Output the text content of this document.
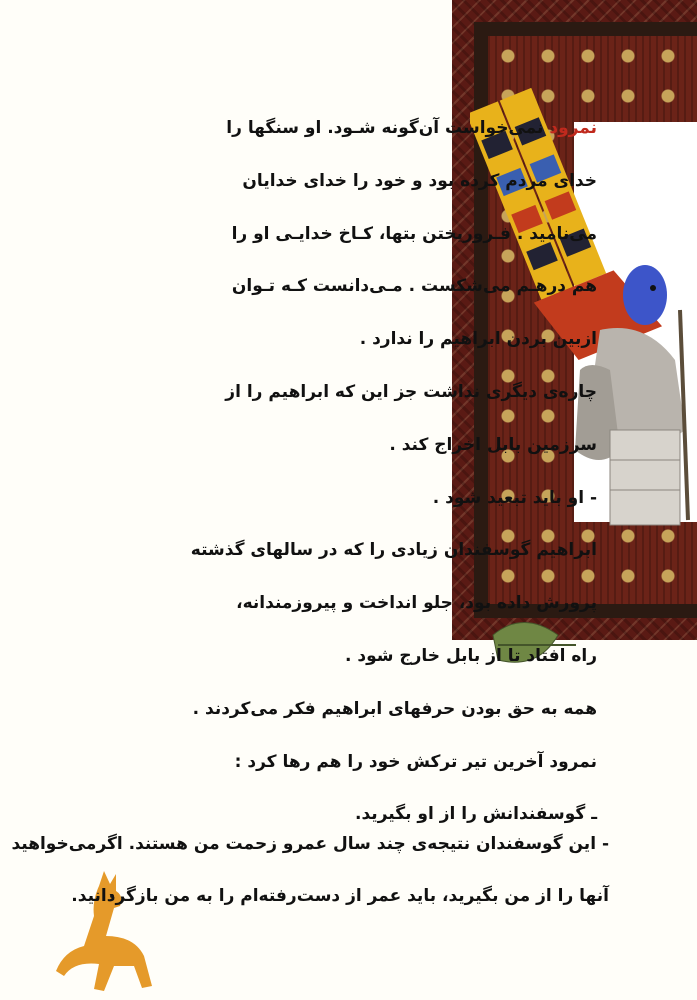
نمرود نمی‌خواست آن‌گونه شـود. او سنگها را
خدای مردم کرده بود و خود را خدای خدایان
می‌نامید . فـروریختن بتها، کـاخ خدایـی او را
هم درهـم می‌شکست . مـی‌دانست کـه تـوان
ازبین بردن ابراهیم را ندارد .
چاره‌ی دیگری نداشت جز این که ابراهیم را از
سرزمین بابل اخراج کند .
- او باید تبعید شود .
ابراهیم گوسفندان زیادی را که در سالهای گذشته
پرورش داده بود، جلو انداخت و پیروزمندانه،
راه افتاد تا از بابل خارج شود .
همه به حق بودن حرفهای ابراهیم فکر می‌کردند .
نمرود آخرین تیر ترکش خود را هم رها کرد :
ـ گوسفندانش را از او بگیرید.
- این گوسفندان نتیجه‌ی چند سال عمرو زحمت من هستند. اگرمی‌خواهید
آنها را از من بگیرید، باید عمر از دست‌رفته‌ام را به من بازگردانید.
